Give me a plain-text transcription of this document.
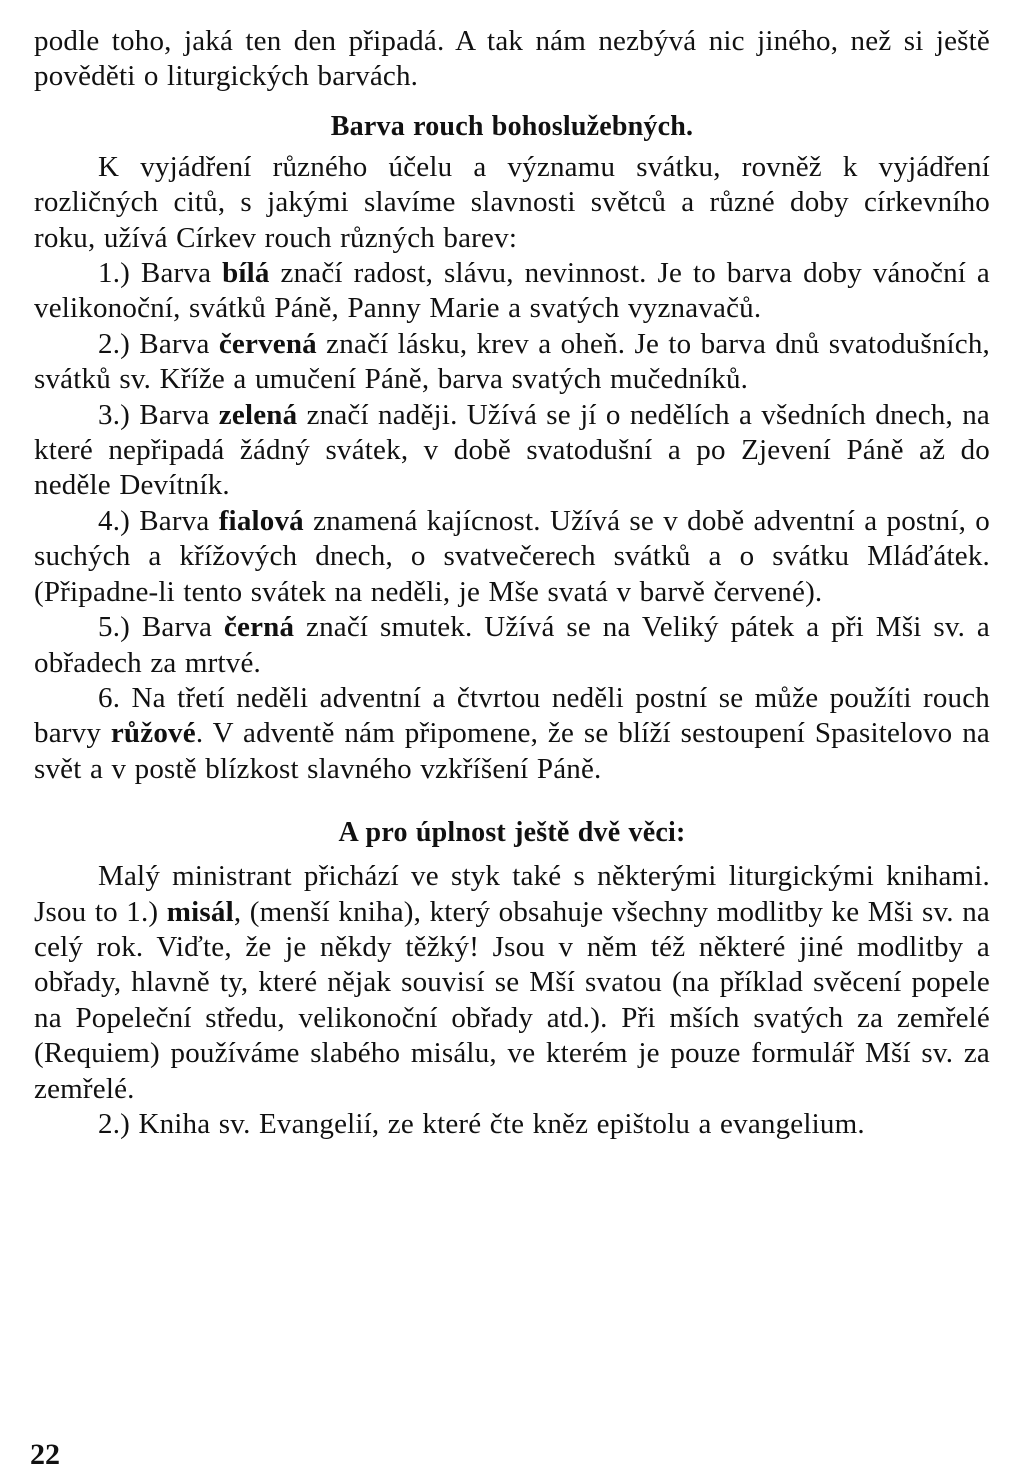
podle toho, jaká ten den připadá. A tak nám nezbývá nic jiného, než si ještě pověděti o liturgických barvách.

Barva rouch bohoslužebných.

K vyjádření různého účelu a významu svátku, rovněž k vyjádření rozličných citů, s jakými slavíme slavnosti světců a různé doby církevního roku, užívá Církev rouch různých barev:

1.) Barva bílá značí radost, slávu, nevinnost. Je to barva doby vánoční a velikonoční, svátků Páně, Panny Marie a svatých vyznavačů.

2.) Barva červená značí lásku, krev a oheň. Je to barva dnů svatodušních, svátků sv. Kříže a umučení Páně, barva svatých mučedníků.

3.) Barva zelená značí naději. Užívá se jí o nedělích a všedních dnech, na které nepřipadá žádný svátek, v době svatodušní a po Zjevení Páně až do neděle Devítník.

4.) Barva fialová znamená kajícnost. Užívá se v době adventní a postní, o suchých a křížových dnech, o svatvečerech svátků a o svátku Mláďátek. (Připadne-li tento svátek na neděli, je Mše svatá v barvě červené).

5.) Barva černá značí smutek. Užívá se na Veliký pátek a při Mši sv. a obřadech za mrtvé.

6. Na třetí neděli adventní a čtvrtou neděli postní se může použíti rouch barvy růžové. V adventě nám připomene, že se blíží sestoupení Spasitelovo na svět a v postě blízkost slavného vzkříšení Páně.

A pro úplnost ještě dvě věci:

Malý ministrant přichází ve styk také s některými liturgickými knihami. Jsou to 1.) misál, (menší kniha), který obsahuje všechny modlitby ke Mši sv. na celý rok. Viďte, že je někdy těžký! Jsou v něm též některé jiné modlitby a obřady, hlavně ty, které nějak souvisí se Mší svatou (na příklad svěcení popele na Popeleční středu, velikonoční obřady atd.). Při mších svatých za zemřelé (Requiem) používáme slabého misálu, ve kterém je pouze formulář Mší sv. za zemřelé.

2.) Kniha sv. Evangelií, ze které čte kněz epištolu a evangelium.

22
